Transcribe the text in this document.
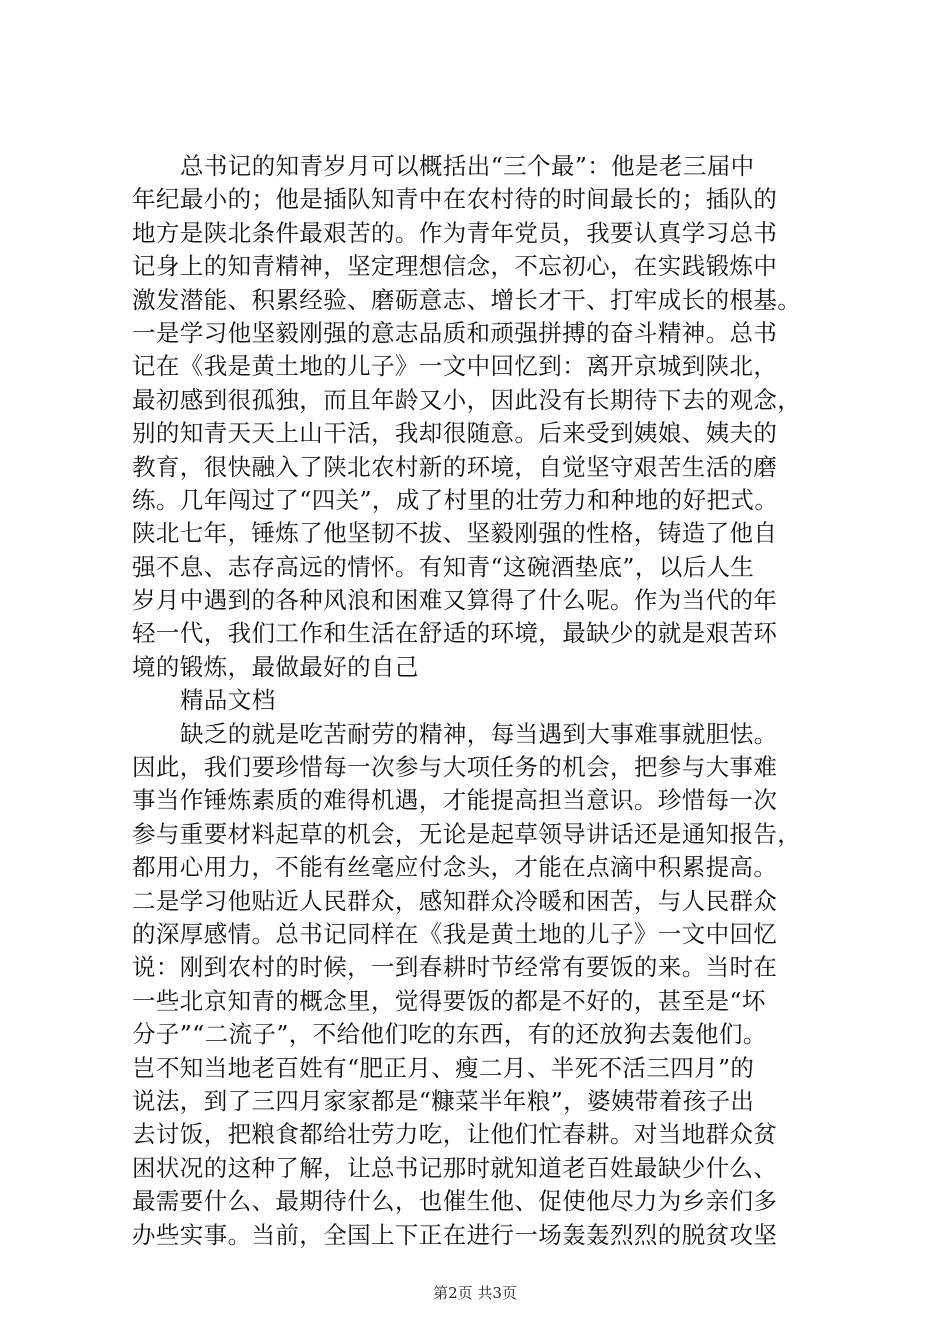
总书记的知青岁月可以概括出“三个最”：他是老三届中
年纪最小的；他是插队知青中在农村待的时间最长的；插队的
地方是陕北条件最艰苦的。作为青年党员，我要认真学习总书
记身上的知青精神，坚定理想信念，不忘初心，在实践锻炼中
激发潜能、积累经验、磨砺意志、增长才干、打牢成长的根基。
一是学习他坚毅刚强的意志品质和顽强拼搏的奋斗精神。总书
记在《我是黄土地的儿子》一文中回忆到：离开京城到陕北，
最初感到很孤独，而且年龄又小，因此没有长期待下去的观念，
别的知青天天上山干活，我却很随意。后来受到姨娘、姨夫的
教育，很快融入了陕北农村新的环境，自觉坚守艰苦生活的磨
练。几年闯过了“四关”，成了村里的壮劳力和种地的好把式。
陕北七年，锤炼了他坚韧不拔、坚毅刚强的性格，铸造了他自
强不息、志存高远的情怀。有知青“这碗酒垫底”，以后人生
岁月中遇到的各种风浪和困难又算得了什么呢。作为当代的年
轻一代，我们工作和生活在舒适的环境，最缺少的就是艰苦环
境的锻炼，最做最好的自己
精品文档
缺乏的就是吃苦耐劳的精神，每当遇到大事难事就胆怯。
因此，我们要珍惜每一次参与大项任务的机会，把参与大事难
事当作锤炼素质的难得机遇，才能提高担当意识。珍惜每一次
参与重要材料起草的机会，无论是起草领导讲话还是通知报告，
都用心用力，不能有丝毫应付念头，才能在点滴中积累提高。
二是学习他贴近人民群众，感知群众冷暖和困苦，与人民群众
的深厚感情。总书记同样在《我是黄土地的儿子》一文中回忆
说：刚到农村的时候，一到春耕时节经常有要饭的来。当时在
一些北京知青的概念里，觉得要饭的都是不好的，甚至是“坏
分子”“二流子”，不给他们吃的东西，有的还放狗去轰他们。
岂不知当地老百姓有“肥正月、瘦二月、半死不活三四月”的
说法，到了三四月家家都是“糠菜半年粮”，婆姨带着孩子出
去讨饭，把粮食都给壮劳力吃，让他们忙春耕。对当地群众贫
困状况的这种了解，让总书记那时就知道老百姓最缺少什么、
最需要什么、最期待什么，也催生他、促使他尽力为乡亲们多
办些实事。当前，全国上下正在进行一场轰轰烈烈的脱贫攻坚
第2页 共3页
